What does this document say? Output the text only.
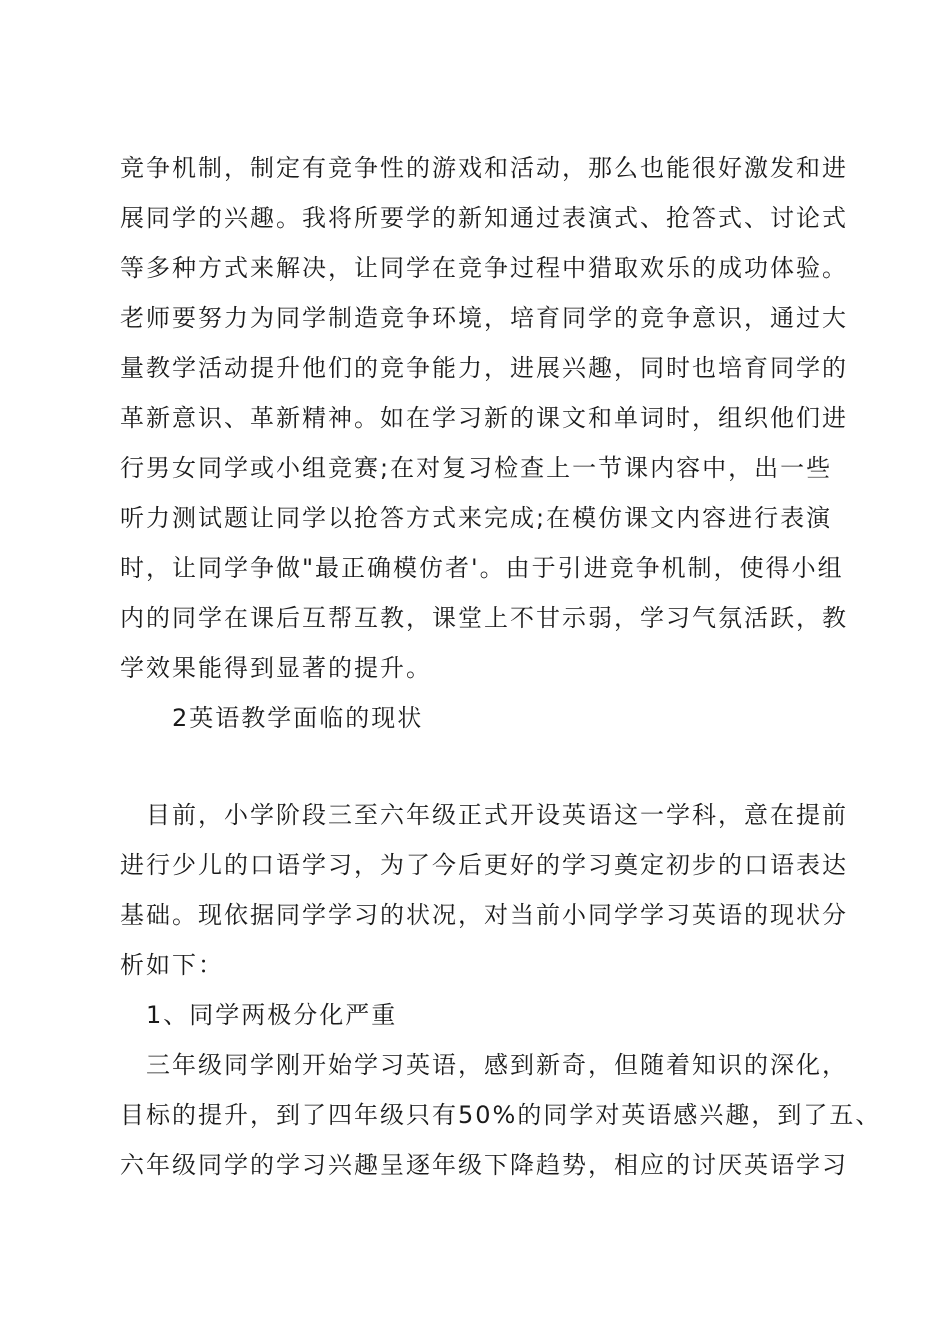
竞争机制，制定有竞争性的游戏和活动，那么也能很好激发和进
展同学的兴趣。我将所要学的新知通过表演式、抢答式、讨论式
等多种方式来解决，让同学在竞争过程中猎取欢乐的成功体验。
老师要努力为同学制造竞争环境，培育同学的竞争意识，通过大
量教学活动提升他们的竞争能力，进展兴趣，同时也培育同学的
革新意识、革新精神。如在学习新的课文和单词时，组织他们进
行男女同学或小组竞赛;在对复习检查上一节课内容中，出一些
听力测试题让同学以抢答方式来完成;在模仿课文内容进行表演
时，让同学争做"最正确模仿者'。由于引进竞争机制，使得小组
内的同学在课后互帮互教，课堂上不甘示弱，学习气氛活跃，教
学效果能得到显著的提升。
2英语教学面临的现状
目前，小学阶段三至六年级正式开设英语这一学科，意在提前
进行少儿的口语学习，为了今后更好的学习奠定初步的口语表达
基础。现依据同学学习的状况，对当前小同学学习英语的现状分
析如下：
1、同学两极分化严重
三年级同学刚开始学习英语，感到新奇，但随着知识的深化，
目标的提升，到了四年级只有50%的同学对英语感兴趣，到了五、
六年级同学的学习兴趣呈逐年级下降趋势，相应的讨厌英语学习
